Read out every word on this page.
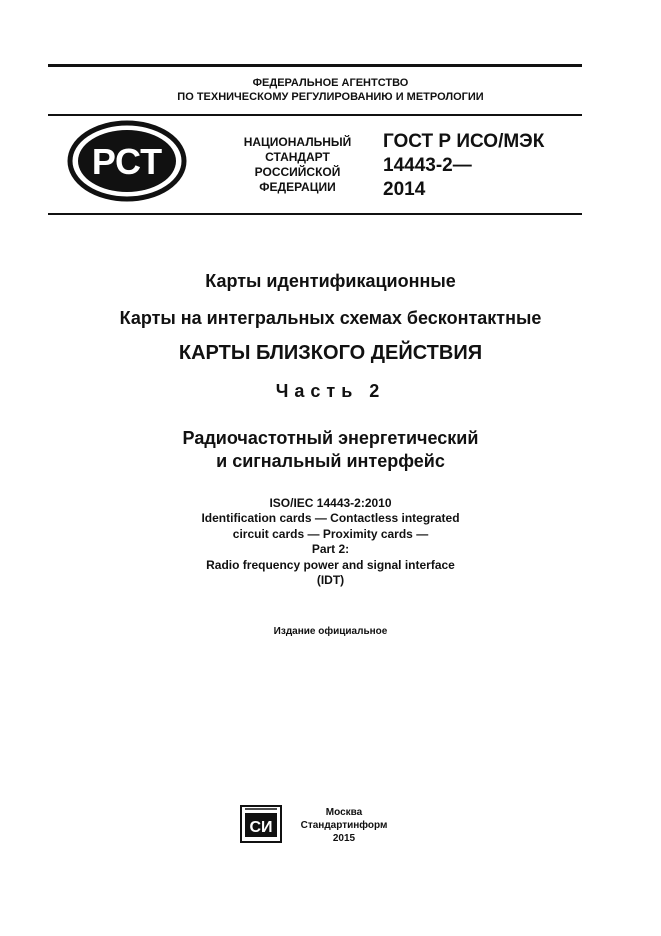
ФЕДЕРАЛЬНОЕ АГЕНТСТВО
ПО ТЕХНИЧЕСКОМУ РЕГУЛИРОВАНИЮ И МЕТРОЛОГИИ
РСТ	НАЦИОНАЛЬНЫЙ
СТАНДАРТ
РОССИЙСКОЙ
ФЕДЕРАЦИИ
ГОСТ Р ИСО/МЭК
14443-2—
2014
Карты идентификационные
Карты на интегральных схемах бесконтактные
КАРТЫ БЛИЗКОГО ДЕЙСТВИЯ
Часть 2
Радиочастотный энергетический
и сигнальный интерфейс
ISO/IEC 14443-2:2010
Identification cards — Contactless integrated
circuit cards — Proximity cards —
Part 2:
Radio frequency power and signal interface
(IDT)
Издание официальное
СИ
Москва
Стандартинформ
2015
